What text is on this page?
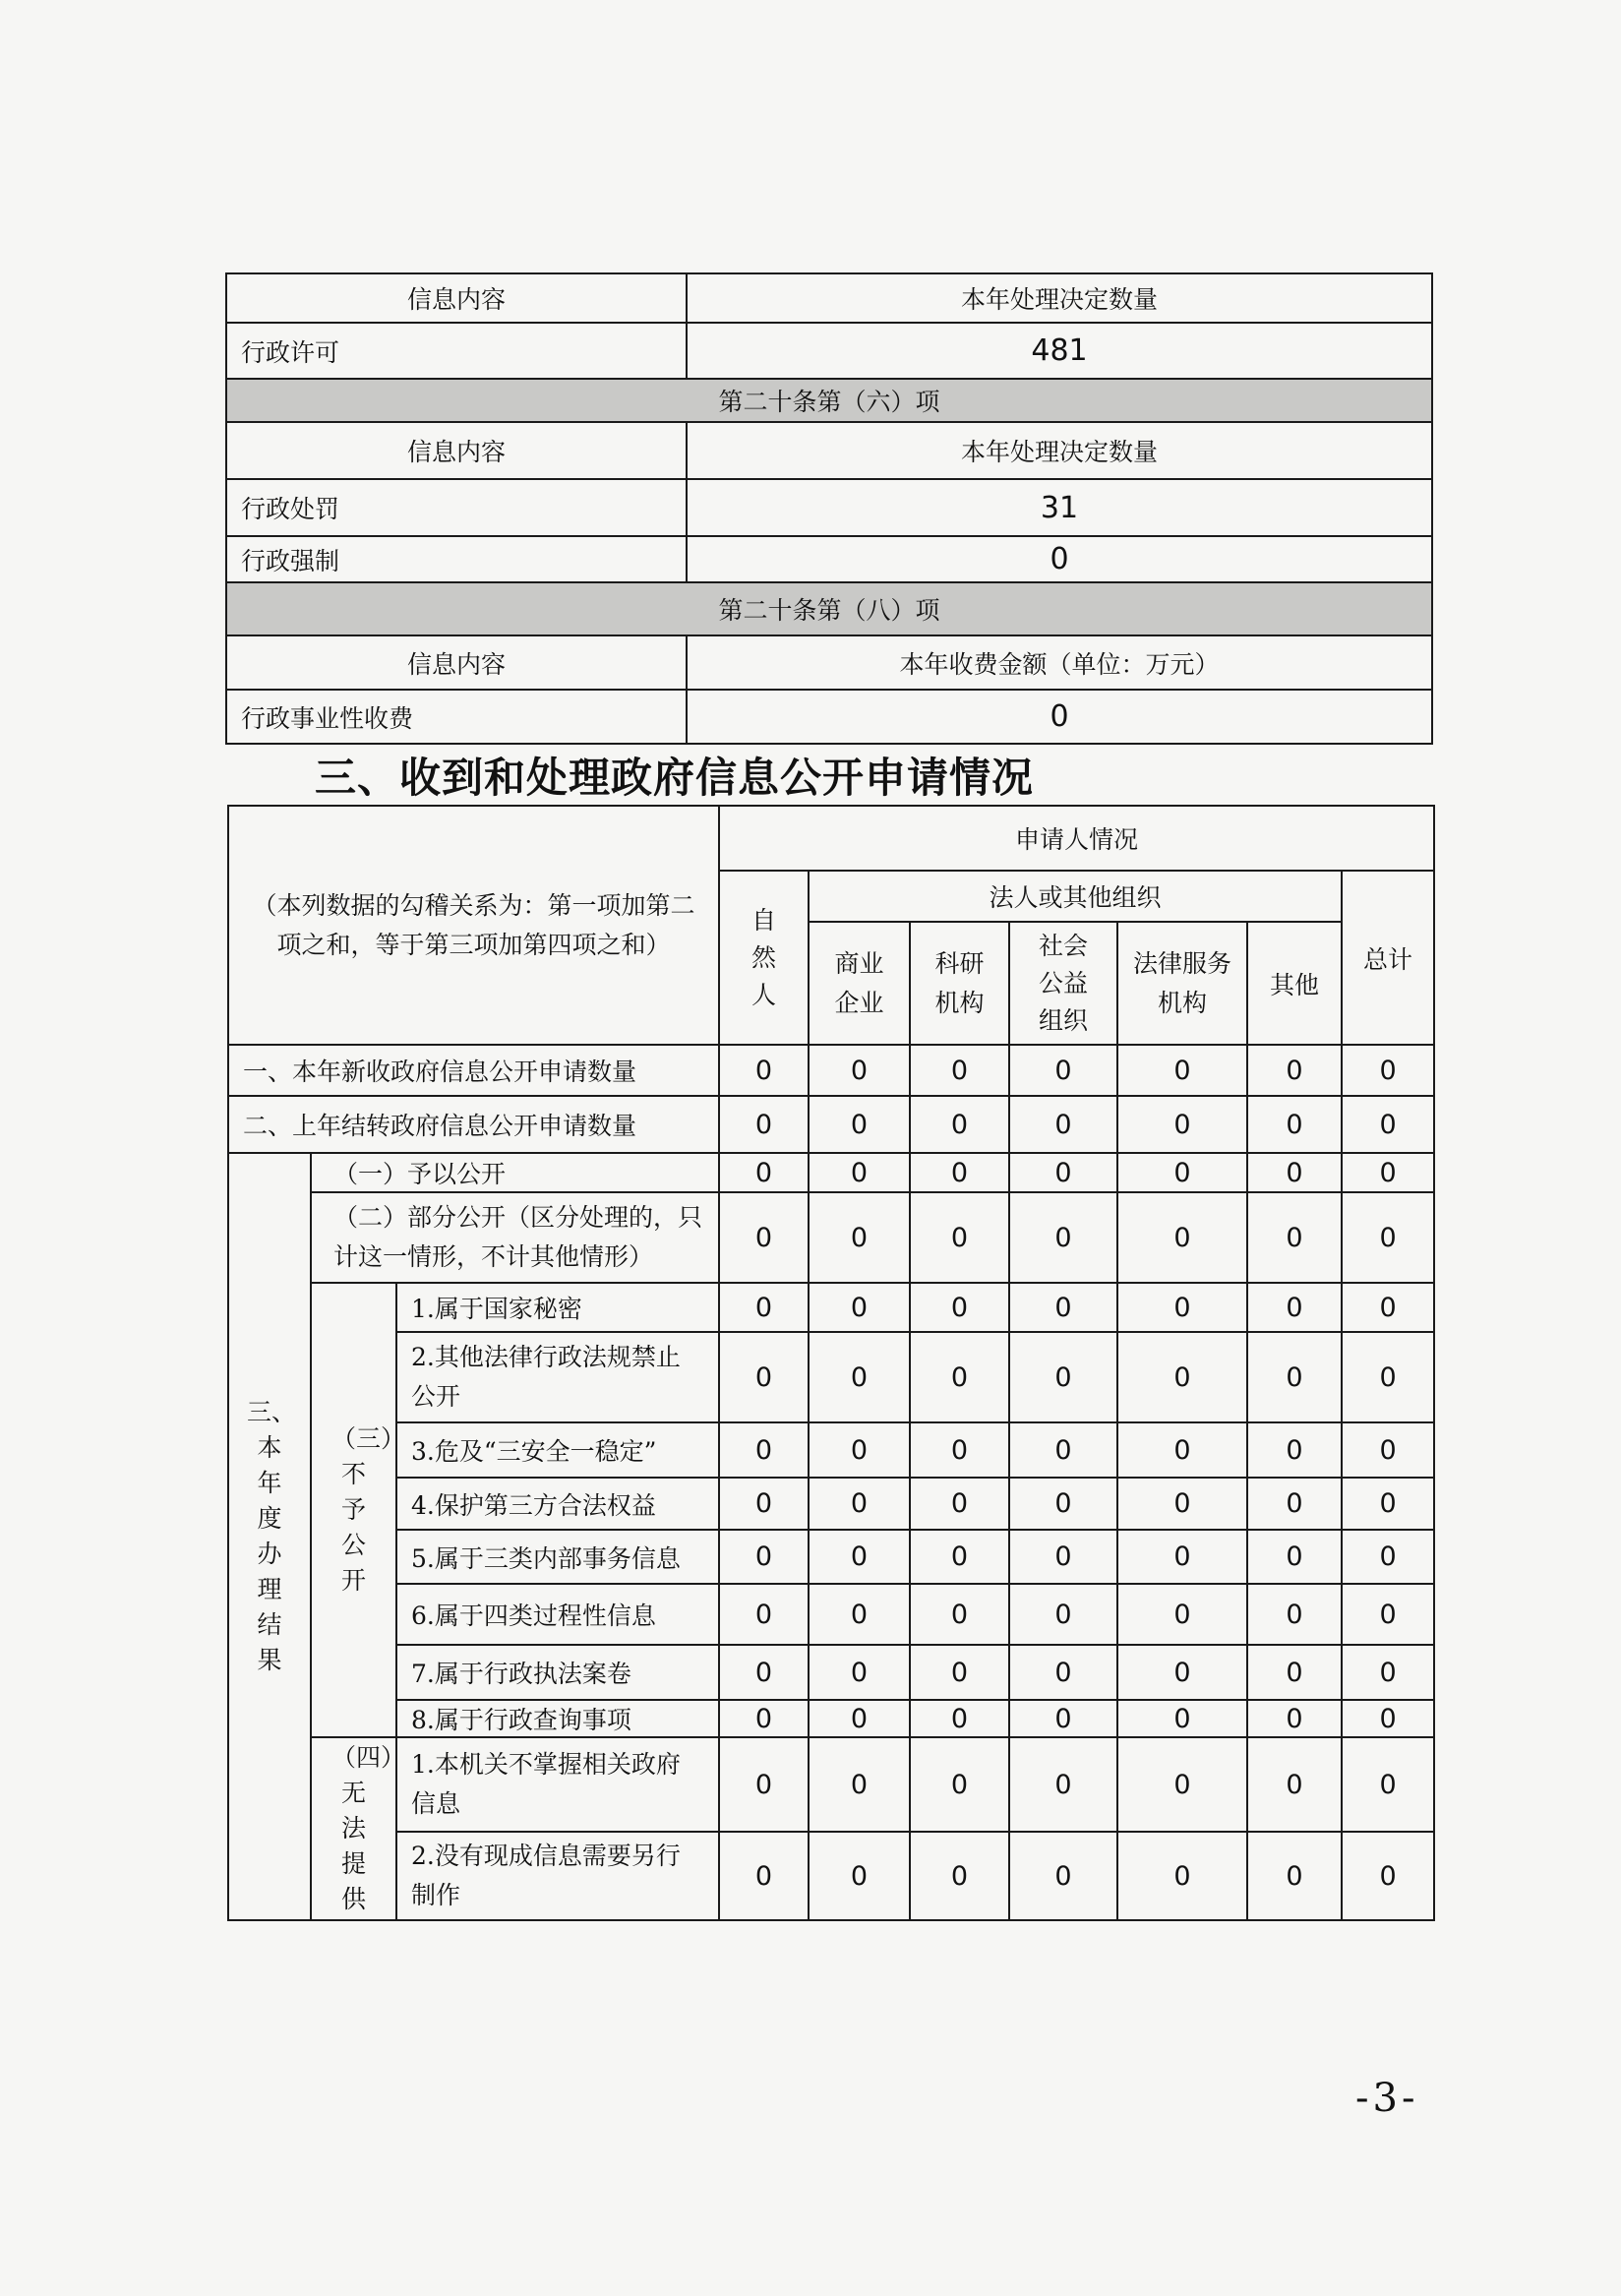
信息内容	本年处理决定数量
行政许可	481
第二十条第（六）项	
信息内容	本年处理决定数量
行政处罚	31
行政强制	0
第二十条第（八）项	
信息内容	本年收费金额（单位：万元）
行政事业性收费	0
三、收到和处理政府信息公开申请情况
（本列数据的勾稽关系为：第一项加第二项之和，等于第三项加第四项之和）			申请人情况						
			自然人	法人或其他组织					总计
				商业企业	科研机构	社会公益组织	法律服务机构	其他	
一、本年新收政府信息公开申请数量			0	0	0	0	0	0	0
二、上年结转政府信息公开申请数量			0	0	0	0	0	0	0
三、本年度办理结果	（一）予以公开		0	0	0	0	0	0	0
	（二）部分公开（区分处理的，只计这一情形，不计其他情形）		0	0	0	0	0	0	0
	（三）不予公开	1.属于国家秘密	0	0	0	0	0	0	0
		2.其他法律行政法规禁止公开	0	0	0	0	0	0	0
		3.危及“三安全一稳定”	0	0	0	0	0	0	0
		4.保护第三方合法权益	0	0	0	0	0	0	0
		5.属于三类内部事务信息	0	0	0	0	0	0	0
		6.属于四类过程性信息	0	0	0	0	0	0	0
		7.属于行政执法案卷	0	0	0	0	0	0	0
		8.属于行政查询事项	0	0	0	0	0	0	0
	（四）无法提供	1.本机关不掌握相关政府信息	0	0	0	0	0	0	0
		2.没有现成信息需要另行制作	0	0	0	0	0	0	0
-3-
